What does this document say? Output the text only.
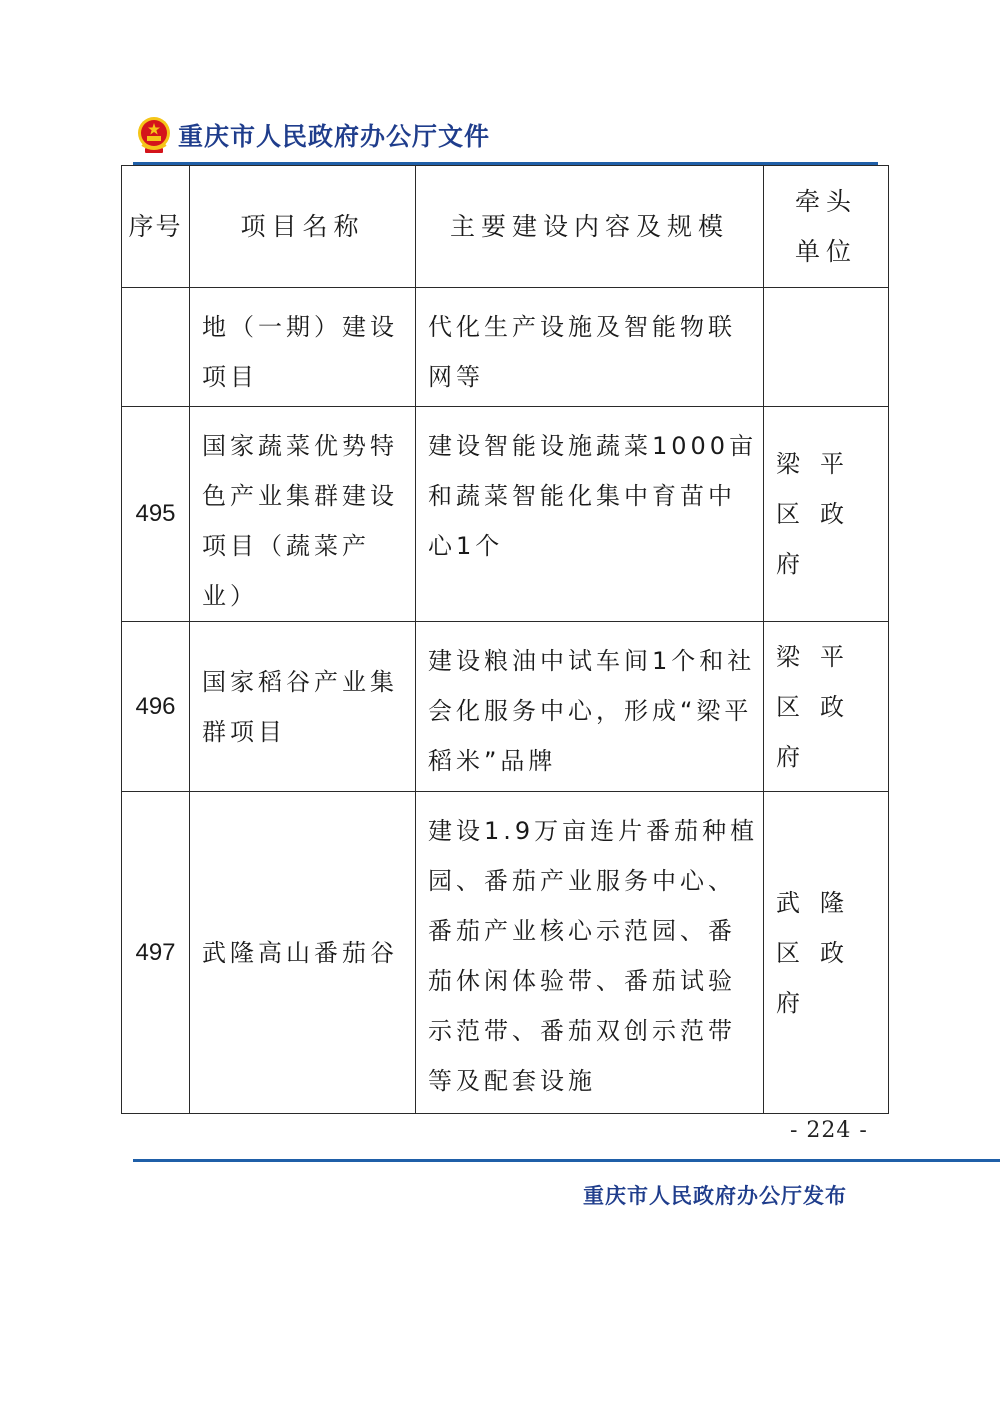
重庆市人民政府办公厅文件
序号	项目名称	主要建设内容及规模	牵头单位
	地（一期）建设项目	代化生产设施及智能物联网等	
495	国家蔬菜优势特色产业集群建设项目（蔬菜产业）	建设智能设施蔬菜1000亩和蔬菜智能化集中育苗中心1个	梁平区政府
496	国家稻谷产业集群项目	建设粮油中试车间1个和社会化服务中心，形成“梁平稻米”品牌	梁平区政府
497	武隆高山番茄谷	建设1.9万亩连片番茄种植园、番茄产业服务中心、番茄产业核心示范园、番茄休闲体验带、番茄试验示范带、番茄双创示范带等及配套设施	武隆区政府
- 224 -
重庆市人民政府办公厅发布
